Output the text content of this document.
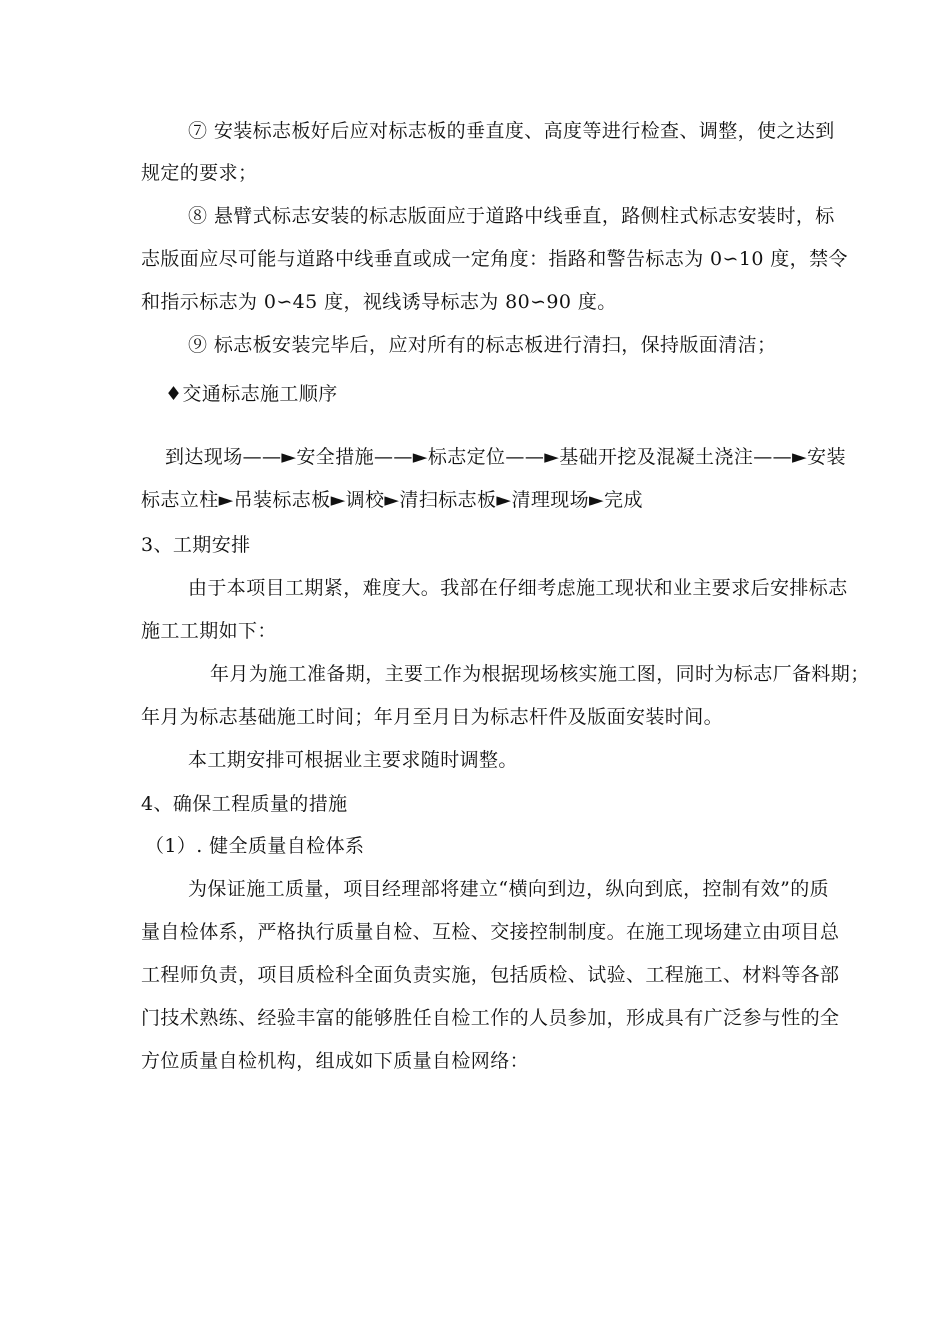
⑦ 安装标志板好后应对标志板的垂直度、高度等进行检查、调整，使之达到
规定的要求；
⑧ 悬臂式标志安装的标志版面应于道路中线垂直，路侧柱式标志安装时，标
志版面应尽可能与道路中线垂直或成一定角度：指路和警告标志为 0∽10 度，禁令
和指示标志为 0∽45 度，视线诱导标志为 80∽90 度。
⑨ 标志板安装完毕后，应对所有的标志板进行清扫，保持版面清洁；
♦交通标志施工顺序
到达现场——►安全措施——►标志定位——►基础开挖及混凝土浇注——►安装
标志立柱►吊装标志板►调校►清扫标志板►清理现场►完成
3、工期安排
由于本项目工期紧，难度大。我部在仔细考虑施工现状和业主要求后安排标志
施工工期如下：
年月为施工准备期，主要工作为根据现场核实施工图，同时为标志厂备料期；
年月为标志基础施工时间；年月至月日为标志杆件及版面安装时间。
本工期安排可根据业主要求随时调整。
4、确保工程质量的措施
（1）. 健全质量自检体系
为保证施工质量，项目经理部将建立“横向到边，纵向到底，控制有效”的质
量自检体系，严格执行质量自检、互检、交接控制制度。在施工现场建立由项目总
工程师负责，项目质检科全面负责实施，包括质检、试验、工程施工、材料等各部
门技术熟练、经验丰富的能够胜任自检工作的人员参加，形成具有广泛参与性的全
方位质量自检机构，组成如下质量自检网络：
